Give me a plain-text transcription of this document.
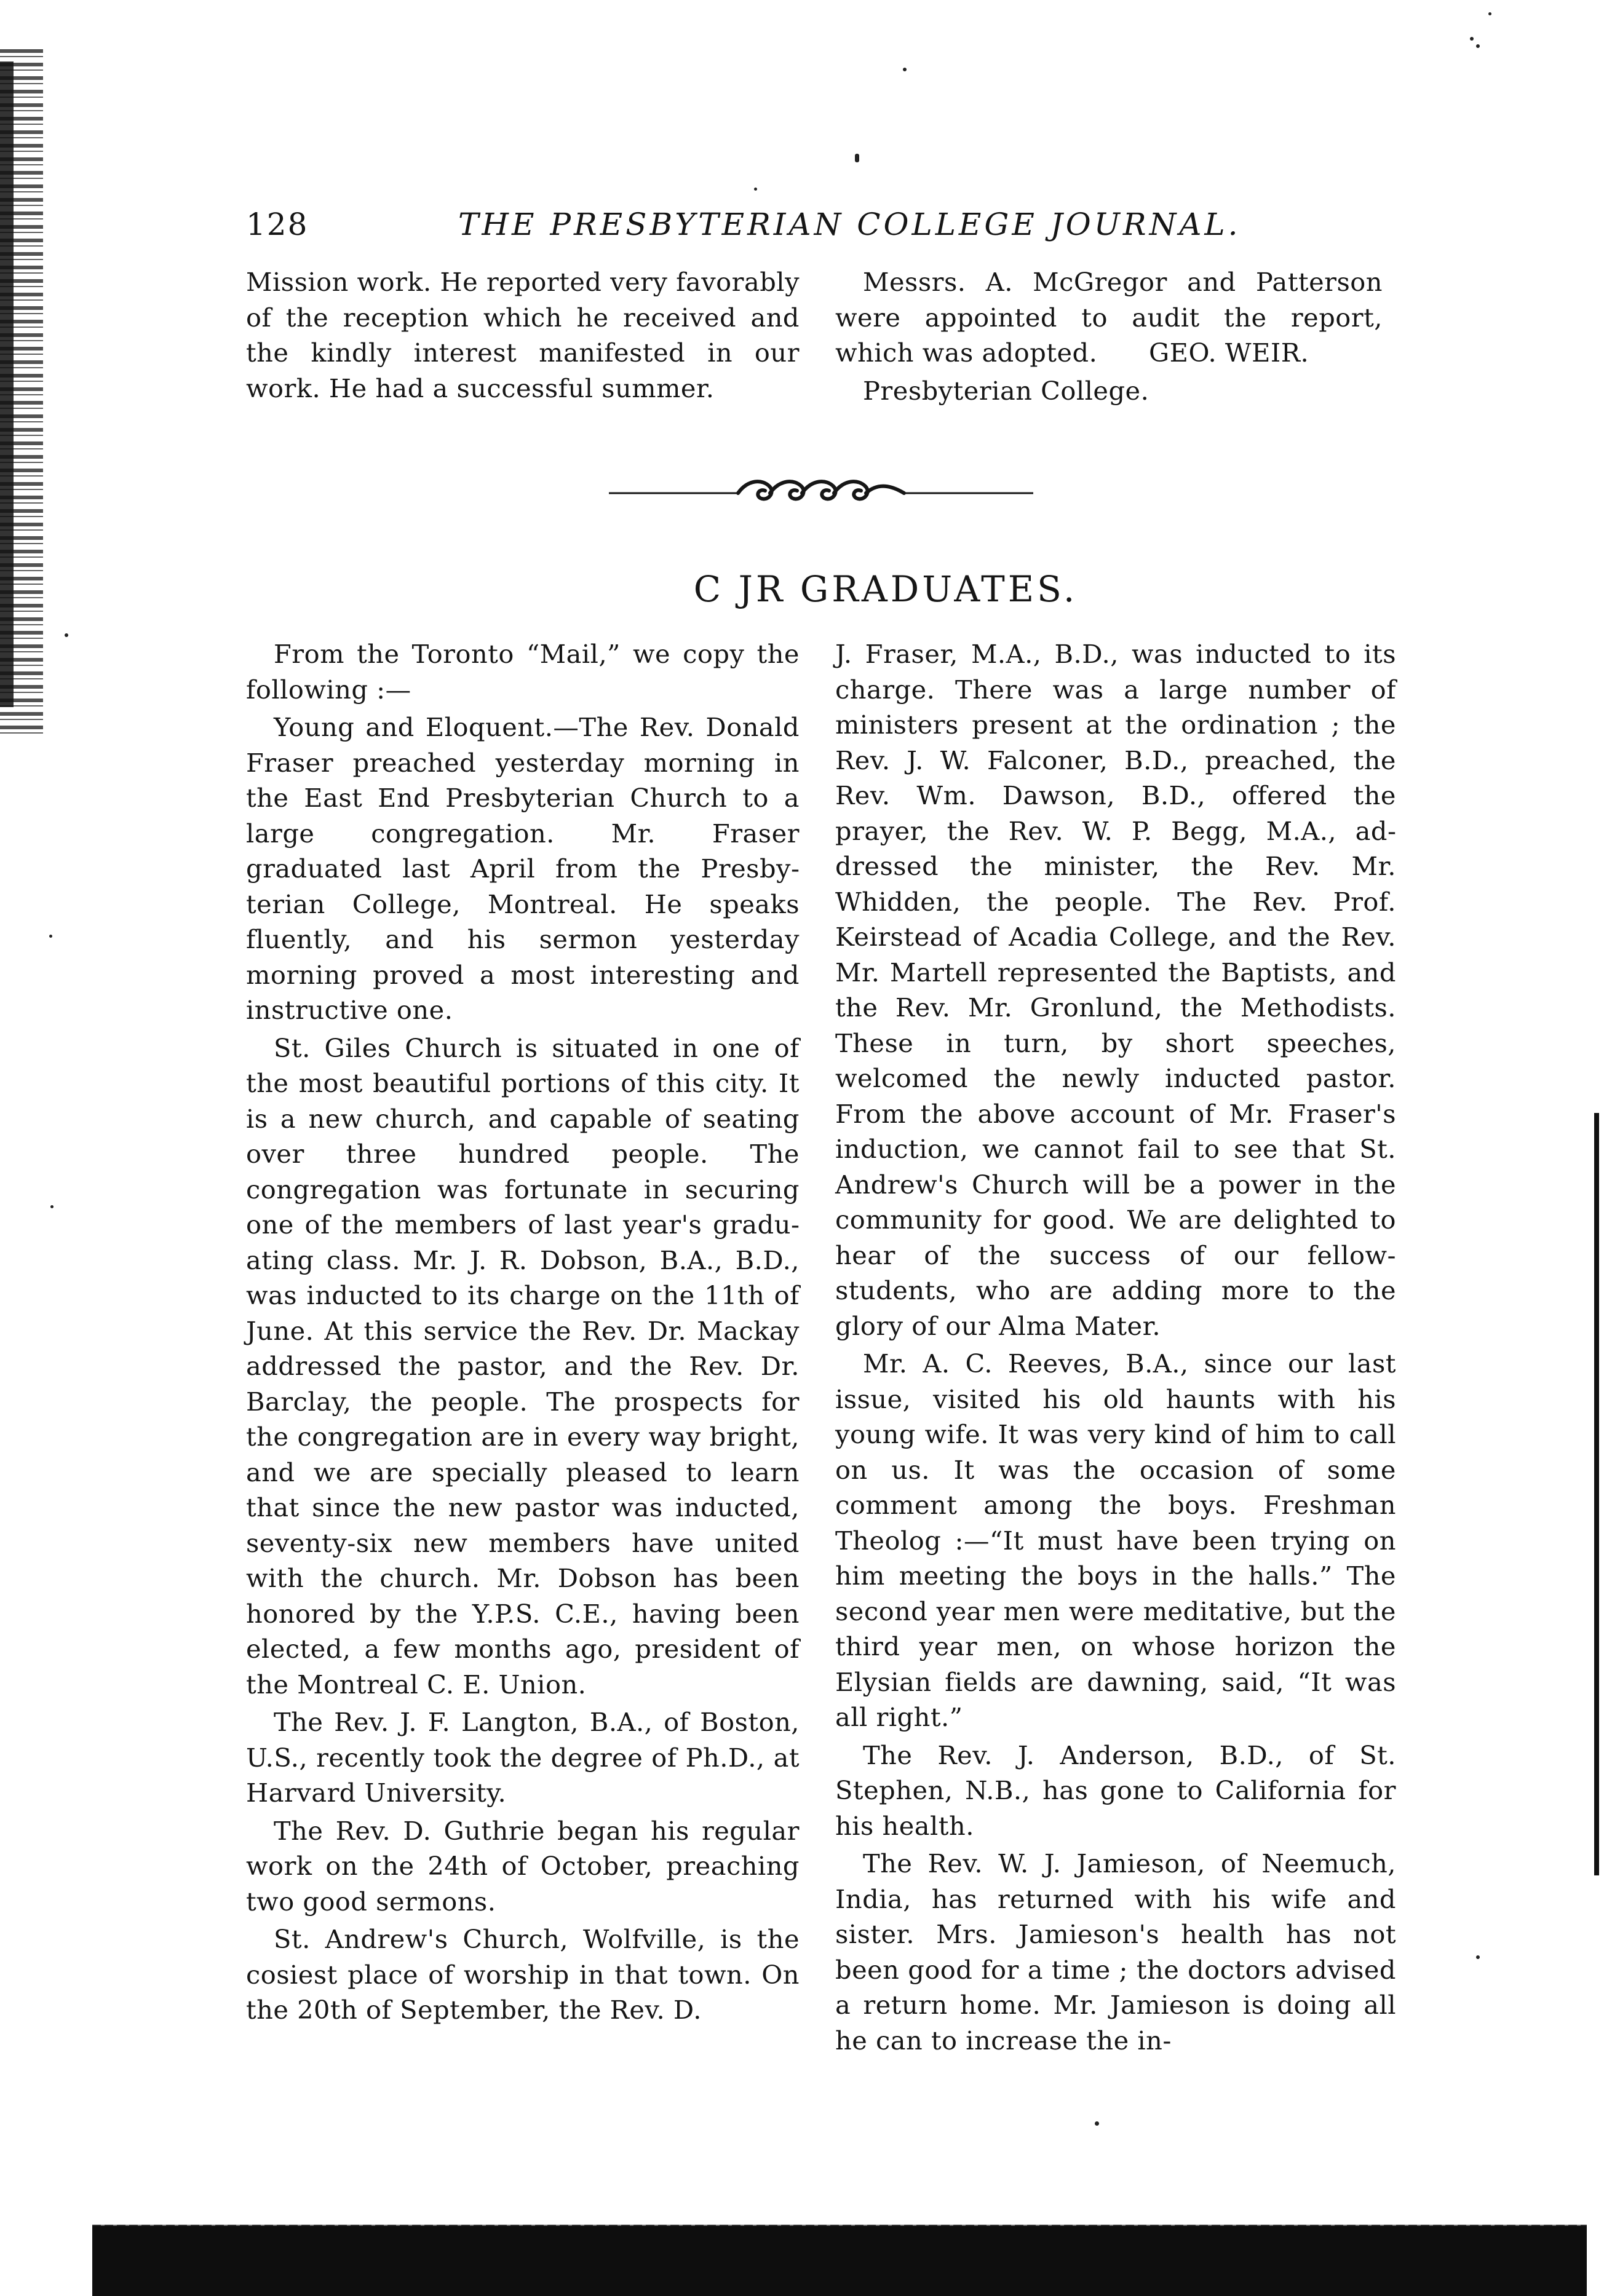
128	THE PRESBYTERIAN COLLEGE JOURNAL.

Mission work. He reported very favorably of the reception which he received and the kindly interest manifested in our work. He had a successful summer.

Messrs. A. McGregor and Patterson were appointed to audit the report, which was adopted. GEO. WEIR.

Presbyterian College.

C JR GRADUATES.

From the Toronto “Mail,” we copy the following :—

Young and Eloquent.—The Rev. Donald Fraser preached yesterday morning in the East End Presbyterian Church to a large congregation. Mr. Fraser graduated last April from the Presbyterian College, Montreal. He speaks fluently, and his sermon yesterday morning proved a most interesting and instructive one.

St. Giles Church is situated in one of the most beautiful portions of this city. It is a new church, and capable of seating over three hundred people. The congregation was fortunate in securing one of the members of last year's graduating class. Mr. J. R. Dobson, B.A., B.D., was inducted to its charge on the 11th of June. At this service the Rev. Dr. Mackay addressed the pastor, and the Rev. Dr. Barclay, the people. The prospects for the congregation are in every way bright, and we are specially pleased to learn that since the new pastor was inducted, seventy-six new members have united with the church. Mr. Dobson has been honored by the Y.P.S. C.E., having been elected, a few months ago, president of the Montreal C. E. Union.

The Rev. J. F. Langton, B.A., of Boston, U.S., recently took the degree of Ph.D., at Harvard University.

The Rev. D. Guthrie began his regular work on the 24th of October, preaching two good sermons.

St. Andrew's Church, Wolfville, is the cosiest place of worship in that town. On the 20th of September, the Rev. D.

J. Fraser, M.A., B.D., was inducted to its charge. There was a large number of ministers present at the ordination ; the Rev. J. W. Falconer, B.D., preached, the Rev. Wm. Dawson, B.D., offered the prayer, the Rev. W. P. Begg, M.A., addressed the minister, the Rev. Mr. Whidden, the people. The Rev. Prof. Keirstead of Acadia College, and the Rev. Mr. Martell represented the Baptists, and the Rev. Mr. Gronlund, the Methodists. These in turn, by short speeches, welcomed the newly inducted pastor. From the above account of Mr. Fraser's induction, we cannot fail to see that St. Andrew's Church will be a power in the community for good. We are delighted to hear of the success of our fellow-students, who are adding more to the glory of our Alma Mater.

Mr. A. C. Reeves, B.A., since our last issue, visited his old haunts with his young wife. It was very kind of him to call on us. It was the occasion of some comment among the boys. Freshman Theolog :—“It must have been trying on him meeting the boys in the halls.” The second year men were meditative, but the third year men, on whose horizon the Elysian fields are dawning, said, “It was all right.”

The Rev. J. Anderson, B.D., of St. Stephen, N.B., has gone to California for his health.

The Rev. W. J. Jamieson, of Neemuch, India, has returned with his wife and sister. Mrs. Jamieson's health has not been good for a time ; the doctors advised a return home. Mr. Jamieson is doing all he can to increase the in-
